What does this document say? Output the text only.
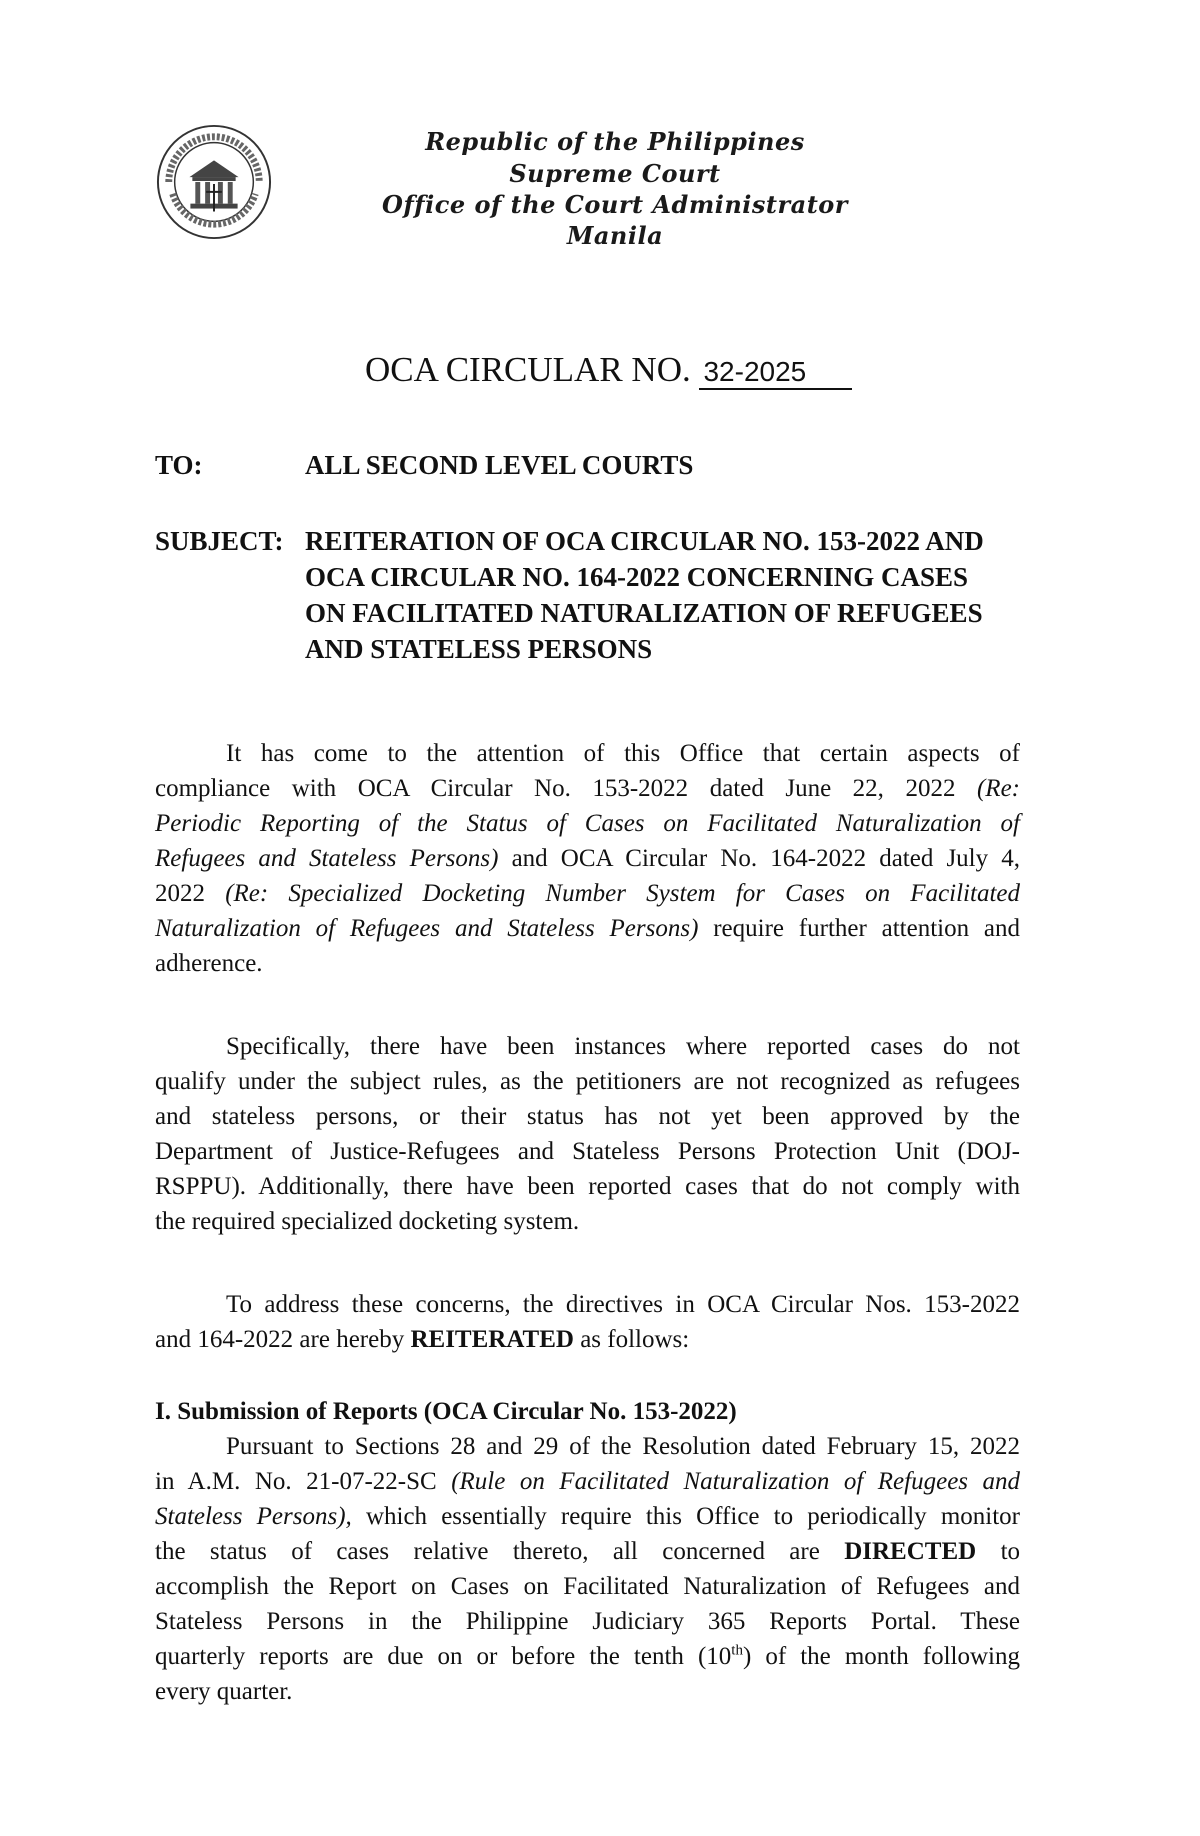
Republic of the Philippines
Supreme Court
Office of the Court Administrator
Manila
OCA CIRCULAR NO. 32-2025
TO:	ALL SECOND LEVEL COURTS
SUBJECT: REITERATION OF OCA CIRCULAR NO. 153-2022 AND
OCA CIRCULAR NO. 164-2022 CONCERNING CASES
ON FACILITATED NATURALIZATION OF REFUGEES
AND STATELESS PERSONS
It has come to the attention of this Office that certain aspects of
compliance with OCA Circular No. 153-2022 dated June 22, 2022 (Re:
Periodic Reporting of the Status of Cases on Facilitated Naturalization of
Refugees and Stateless Persons) and OCA Circular No. 164-2022 dated July 4,
2022 (Re: Specialized Docketing Number System for Cases on Facilitated
Naturalization of Refugees and Stateless Persons) require further attention and
adherence.
Specifically, there have been instances where reported cases do not
qualify under the subject rules, as the petitioners are not recognized as refugees
and stateless persons, or their status has not yet been approved by the
Department of Justice-Refugees and Stateless Persons Protection Unit (DOJ-
RSPPU). Additionally, there have been reported cases that do not comply with
the required specialized docketing system.
To address these concerns, the directives in OCA Circular Nos. 153-2022
and 164-2022 are hereby REITERATED as follows:
I. Submission of Reports (OCA Circular No. 153-2022)
Pursuant to Sections 28 and 29 of the Resolution dated February 15, 2022
in A.M. No. 21-07-22-SC (Rule on Facilitated Naturalization of Refugees and
Stateless Persons), which essentially require this Office to periodically monitor
the status of cases relative thereto, all concerned are DIRECTED to
accomplish the Report on Cases on Facilitated Naturalization of Refugees and
Stateless Persons in the Philippine Judiciary 365 Reports Portal. These
quarterly reports are due on or before the tenth (10th) of the month following
every quarter.
